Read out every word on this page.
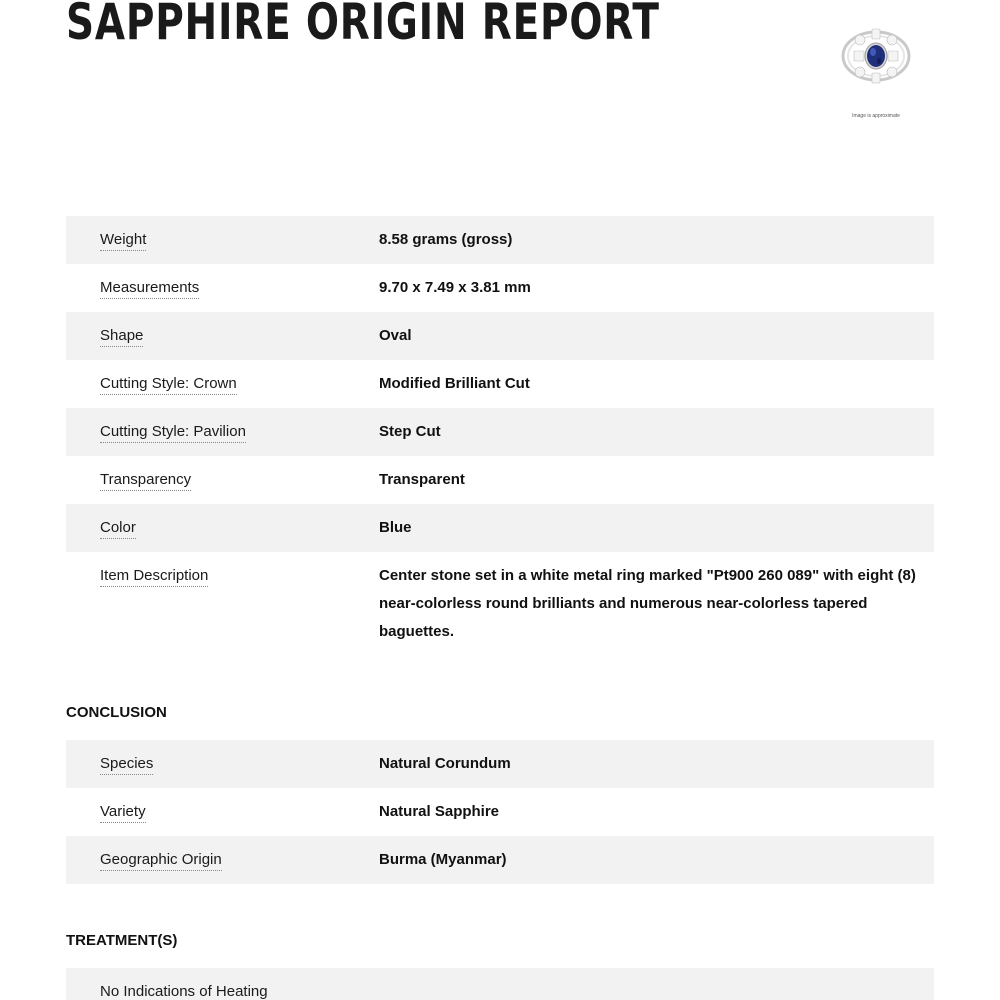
SAPPHIRE ORIGIN REPORT
Image is approximate
Weight	8.58 grams (gross)
Measurements	9.70 x 7.49 x 3.81 mm
Shape	Oval
Cutting Style: Crown	Modified Brilliant Cut
Cutting Style: Pavilion	Step Cut
Transparency	Transparent
Color	Blue
Item Description	Center stone set in a white metal ring marked "Pt900 260 089" with eight (8) near-colorless round brilliants and numerous near-colorless tapered baguettes.
CONCLUSION
Species	Natural Corundum
Variety	Natural Sapphire
Geographic Origin	Burma (Myanmar)
TREATMENT(S)
No Indications of Heating
